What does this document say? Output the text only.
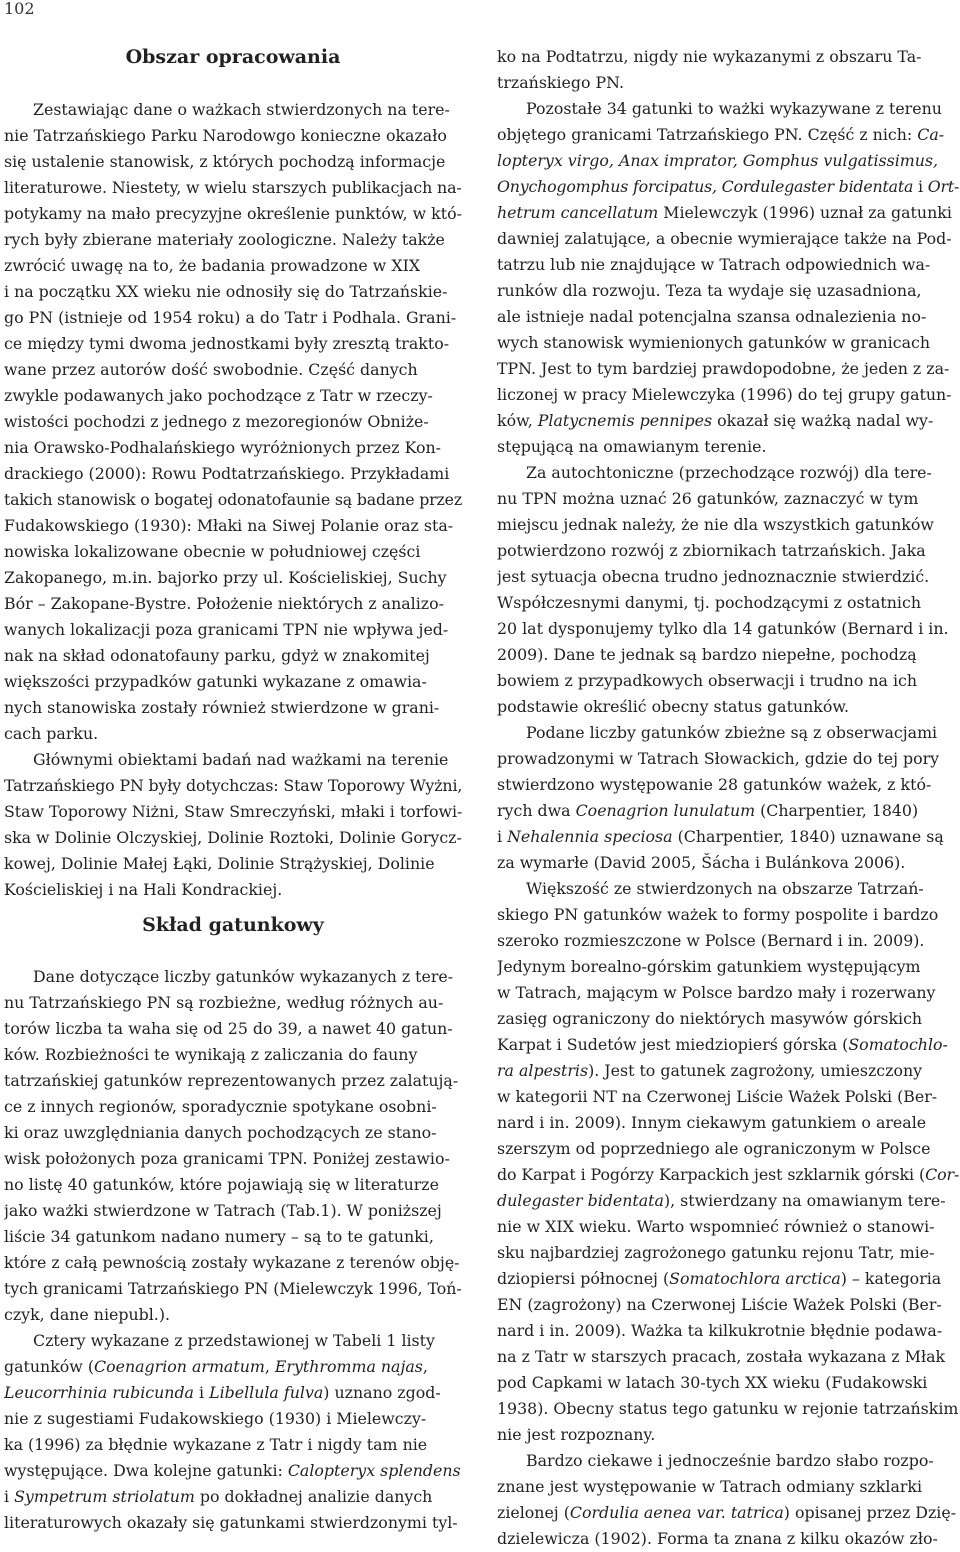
102
Obszar opracowania
Zestawiając dane o ważkach stwierdzonych na tere-
nie Tatrzańskiego Parku Narodowgo konieczne okazało
się ustalenie stanowisk, z których pochodzą informacje
literaturowe. Niestety, w wielu starszych publikacjach na-
potykamy na mało precyzyjne określenie punktów, w któ-
rych były zbierane materiały zoologiczne. Należy także
zwrócić uwagę na to, że badania prowadzone w XIX
i na początku XX wieku nie odnosiły się do Tatrzańskie-
go PN (istnieje od 1954 roku) a do Tatr i Podhala. Grani-
ce między tymi dwoma jednostkami były zresztą trakto-
wane przez autorów dość swobodnie. Część danych
zwykle podawanych jako pochodzące z Tatr w rzeczy-
wistości pochodzi z jednego z mezoregionów Obniże-
nia Orawsko-Podhalańskiego wyróżnionych przez Kon-
drackiego (2000): Rowu Podtatrzańskiego. Przykładami
takich stanowisk o bogatej odonatofaunie są badane przez
Fudakowskiego (1930): Młaki na Siwej Polanie oraz sta-
nowiska lokalizowane obecnie w południowej części
Zakopanego, m.in. bajorko przy ul. Kościeliskiej, Suchy
Bór – Zakopane-Bystre. Położenie niektórych z analizo-
wanych lokalizacji poza granicami TPN nie wpływa jed-
nak na skład odonatofauny parku, gdyż w znakomitej
większości przypadków gatunki wykazane z omawia-
nych stanowiska zostały również stwierdzone w grani-
cach parku.
Głównymi obiektami badań nad ważkami na terenie
Tatrzańskiego PN były dotychczas: Staw Toporowy Wyżni,
Staw Toporowy Niżni, Staw Smreczyński, młaki i torfowi-
ska w Dolinie Olczyskiej, Dolinie Roztoki, Dolinie Gorycz-
kowej, Dolinie Małej Łąki, Dolinie Strążyskiej, Dolinie
Kościeliskiej i na Hali Kondrackiej.
Skład gatunkowy
Dane dotyczące liczby gatunków wykazanych z tere-
nu Tatrzańskiego PN są rozbieżne, według różnych au-
torów liczba ta waha się od 25 do 39, a nawet 40 gatun-
ków. Rozbieżności te wynikają z zaliczania do fauny
tatrzańskiej gatunków reprezentowanych przez zalatują-
ce z innych regionów, sporadycznie spotykane osobni-
ki oraz uwzględniania danych pochodzących ze stano-
wisk położonych poza granicami TPN. Poniżej zestawio-
no listę 40 gatunków, które pojawiają się w literaturze
jako ważki stwierdzone w Tatrach (Tab.1). W poniższej
liście 34 gatunkom nadano numery – są to te gatunki,
które z całą pewnością zostały wykazane z terenów obję-
tych granicami Tatrzańskiego PN (Mielewczyk 1996, Toń-
czyk, dane niepubl.).
Cztery wykazane z przedstawionej w Tabeli 1 listy
gatunków (Coenagrion armatum, Erythromma najas,
Leucorrhinia rubicunda i Libellula fulva) uznano zgod-
nie z sugestiami Fudakowskiego (1930) i Mielewczy-
ka (1996) za błędnie wykazane z Tatr i nigdy tam nie
występujące. Dwa kolejne gatunki: Calopteryx splendens
i Sympetrum striolatum po dokładnej analizie danych
literaturowych okazały się gatunkami stwierdzonymi tyl-
ko na Podtatrzu, nigdy nie wykazanymi z obszaru Ta-
trzańskiego PN.
Pozostałe 34 gatunki to ważki wykazywane z terenu
objętego granicami Tatrzańskiego PN. Część z nich: Ca-
lopteryx virgo, Anax imprator, Gomphus vulgatissimus,
Onychogomphus forcipatus, Cordulegaster bidentata i Ort-
hetrum cancellatum Mielewczyk (1996) uznał za gatunki
dawniej zalatujące, a obecnie wymierające także na Pod-
tatrzu lub nie znajdujące w Tatrach odpowiednich wa-
runków dla rozwoju. Teza ta wydaje się uzasadniona,
ale istnieje nadal potencjalna szansa odnalezienia no-
wych stanowisk wymienionych gatunków w granicach
TPN. Jest to tym bardziej prawdopodobne, że jeden z za-
liczonej w pracy Mielewczyka (1996) do tej grupy gatun-
ków, Platycnemis pennipes okazał się ważką nadal wy-
stępującą na omawianym terenie.
Za autochtoniczne (przechodzące rozwój) dla tere-
nu TPN można uznać 26 gatunków, zaznaczyć w tym
miejscu jednak należy, że nie dla wszystkich gatunków
potwierdzono rozwój z zbiornikach tatrzańskich. Jaka
jest sytuacja obecna trudno jednoznacznie stwierdzić.
Współczesnymi danymi, tj. pochodzącymi z ostatnich
20 lat dysponujemy tylko dla 14 gatunków (Bernard i in.
2009). Dane te jednak są bardzo niepełne, pochodzą
bowiem z przypadkowych obserwacji i trudno na ich
podstawie określić obecny status gatunków.
Podane liczby gatunków zbieżne są z obserwacjami
prowadzonymi w Tatrach Słowackich, gdzie do tej pory
stwierdzono występowanie 28 gatunków ważek, z któ-
rych dwa Coenagrion lunulatum (Charpentier, 1840)
i Nehalennia speciosa (Charpentier, 1840) uznawane są
za wymarłe (David 2005, Šácha i Bulánkova 2006).
Większość ze stwierdzonych na obszarze Tatrzań-
skiego PN gatunków ważek to formy pospolite i bardzo
szeroko rozmieszczone w Polsce (Bernard i in. 2009).
Jedynym borealno-górskim gatunkiem występującym
w Tatrach, mającym w Polsce bardzo mały i rozerwany
zasięg ograniczony do niektórych masywów górskich
Karpat i Sudetów jest miedziopierś górska (Somatochlo-
ra alpestris). Jest to gatunek zagrożony, umieszczony
w kategorii NT na Czerwonej Liście Ważek Polski (Ber-
nard i in. 2009). Innym ciekawym gatunkiem o areale
szerszym od poprzedniego ale ograniczonym w Polsce
do Karpat i Pogórzy Karpackich jest szklarnik górski (Cor-
dulegaster bidentata), stwierdzany na omawianym tere-
nie w XIX wieku. Warto wspomnieć również o stanowi-
sku najbardziej zagrożonego gatunku rejonu Tatr, mie-
dziopiersi północnej (Somatochlora arctica) – kategoria
EN (zagrożony) na Czerwonej Liście Ważek Polski (Ber-
nard i in. 2009). Ważka ta kilkukrotnie błędnie podawa-
na z Tatr w starszych pracach, została wykazana z Młak
pod Capkami w latach 30-tych XX wieku (Fudakowski
1938). Obecny status tego gatunku w rejonie tatrzańskim
nie jest rozpoznany.
Bardzo ciekawe i jednocześnie bardzo słabo rozpo-
znane jest występowanie w Tatrach odmiany szklarki
zielonej (Cordulia aenea var. tatrica) opisanej przez Dzię-
dzielewicza (1902). Forma ta znana z kilku okazów zło-
